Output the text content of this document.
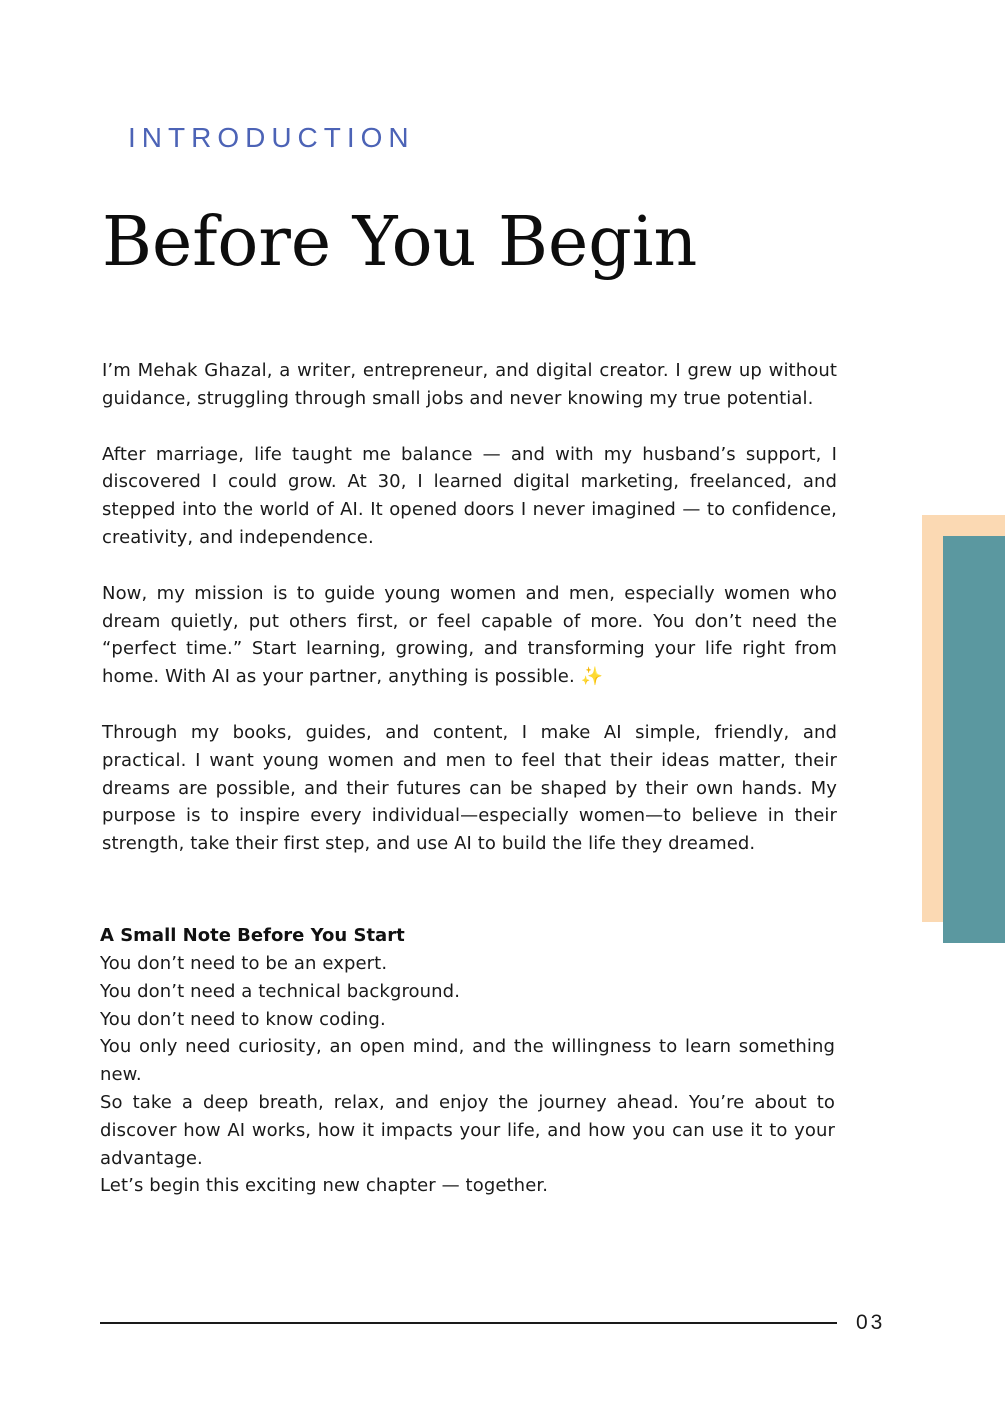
INTRODUCTION
Before You Begin

I’m Mehak Ghazal, a writer, entrepreneur, and digital creator. I grew up without guidance, struggling through small jobs and never knowing my true potential.

After marriage, life taught me balance — and with my husband’s support, I discovered I could grow. At 30, I learned digital marketing, freelanced, and stepped into the world of AI. It opened doors I never imagined — to confidence, creativity, and independence.

Now, my mission is to guide young women and men, especially women who dream quietly, put others first, or feel capable of more. You don’t need the “perfect time.” Start learning, growing, and transforming your life right from home. With AI as your partner, anything is possible. ✨

Through my books, guides, and content, I make AI simple, friendly, and practical. I want young women and men to feel that their ideas matter, their dreams are possible, and their futures can be shaped by their own hands. My purpose is to inspire every individual—especially women—to believe in their strength, take their first step, and use AI to build the life they dreamed.

A Small Note Before You Start

You don’t need to be an expert.

You don’t need a technical background.

You don’t need to know coding.

You only need curiosity, an open mind, and the willingness to learn something new.

So take a deep breath, relax, and enjoy the journey ahead. You’re about to discover how AI works, how it impacts your life, and how you can use it to your advantage.

Let’s begin this exciting new chapter — together.

03
